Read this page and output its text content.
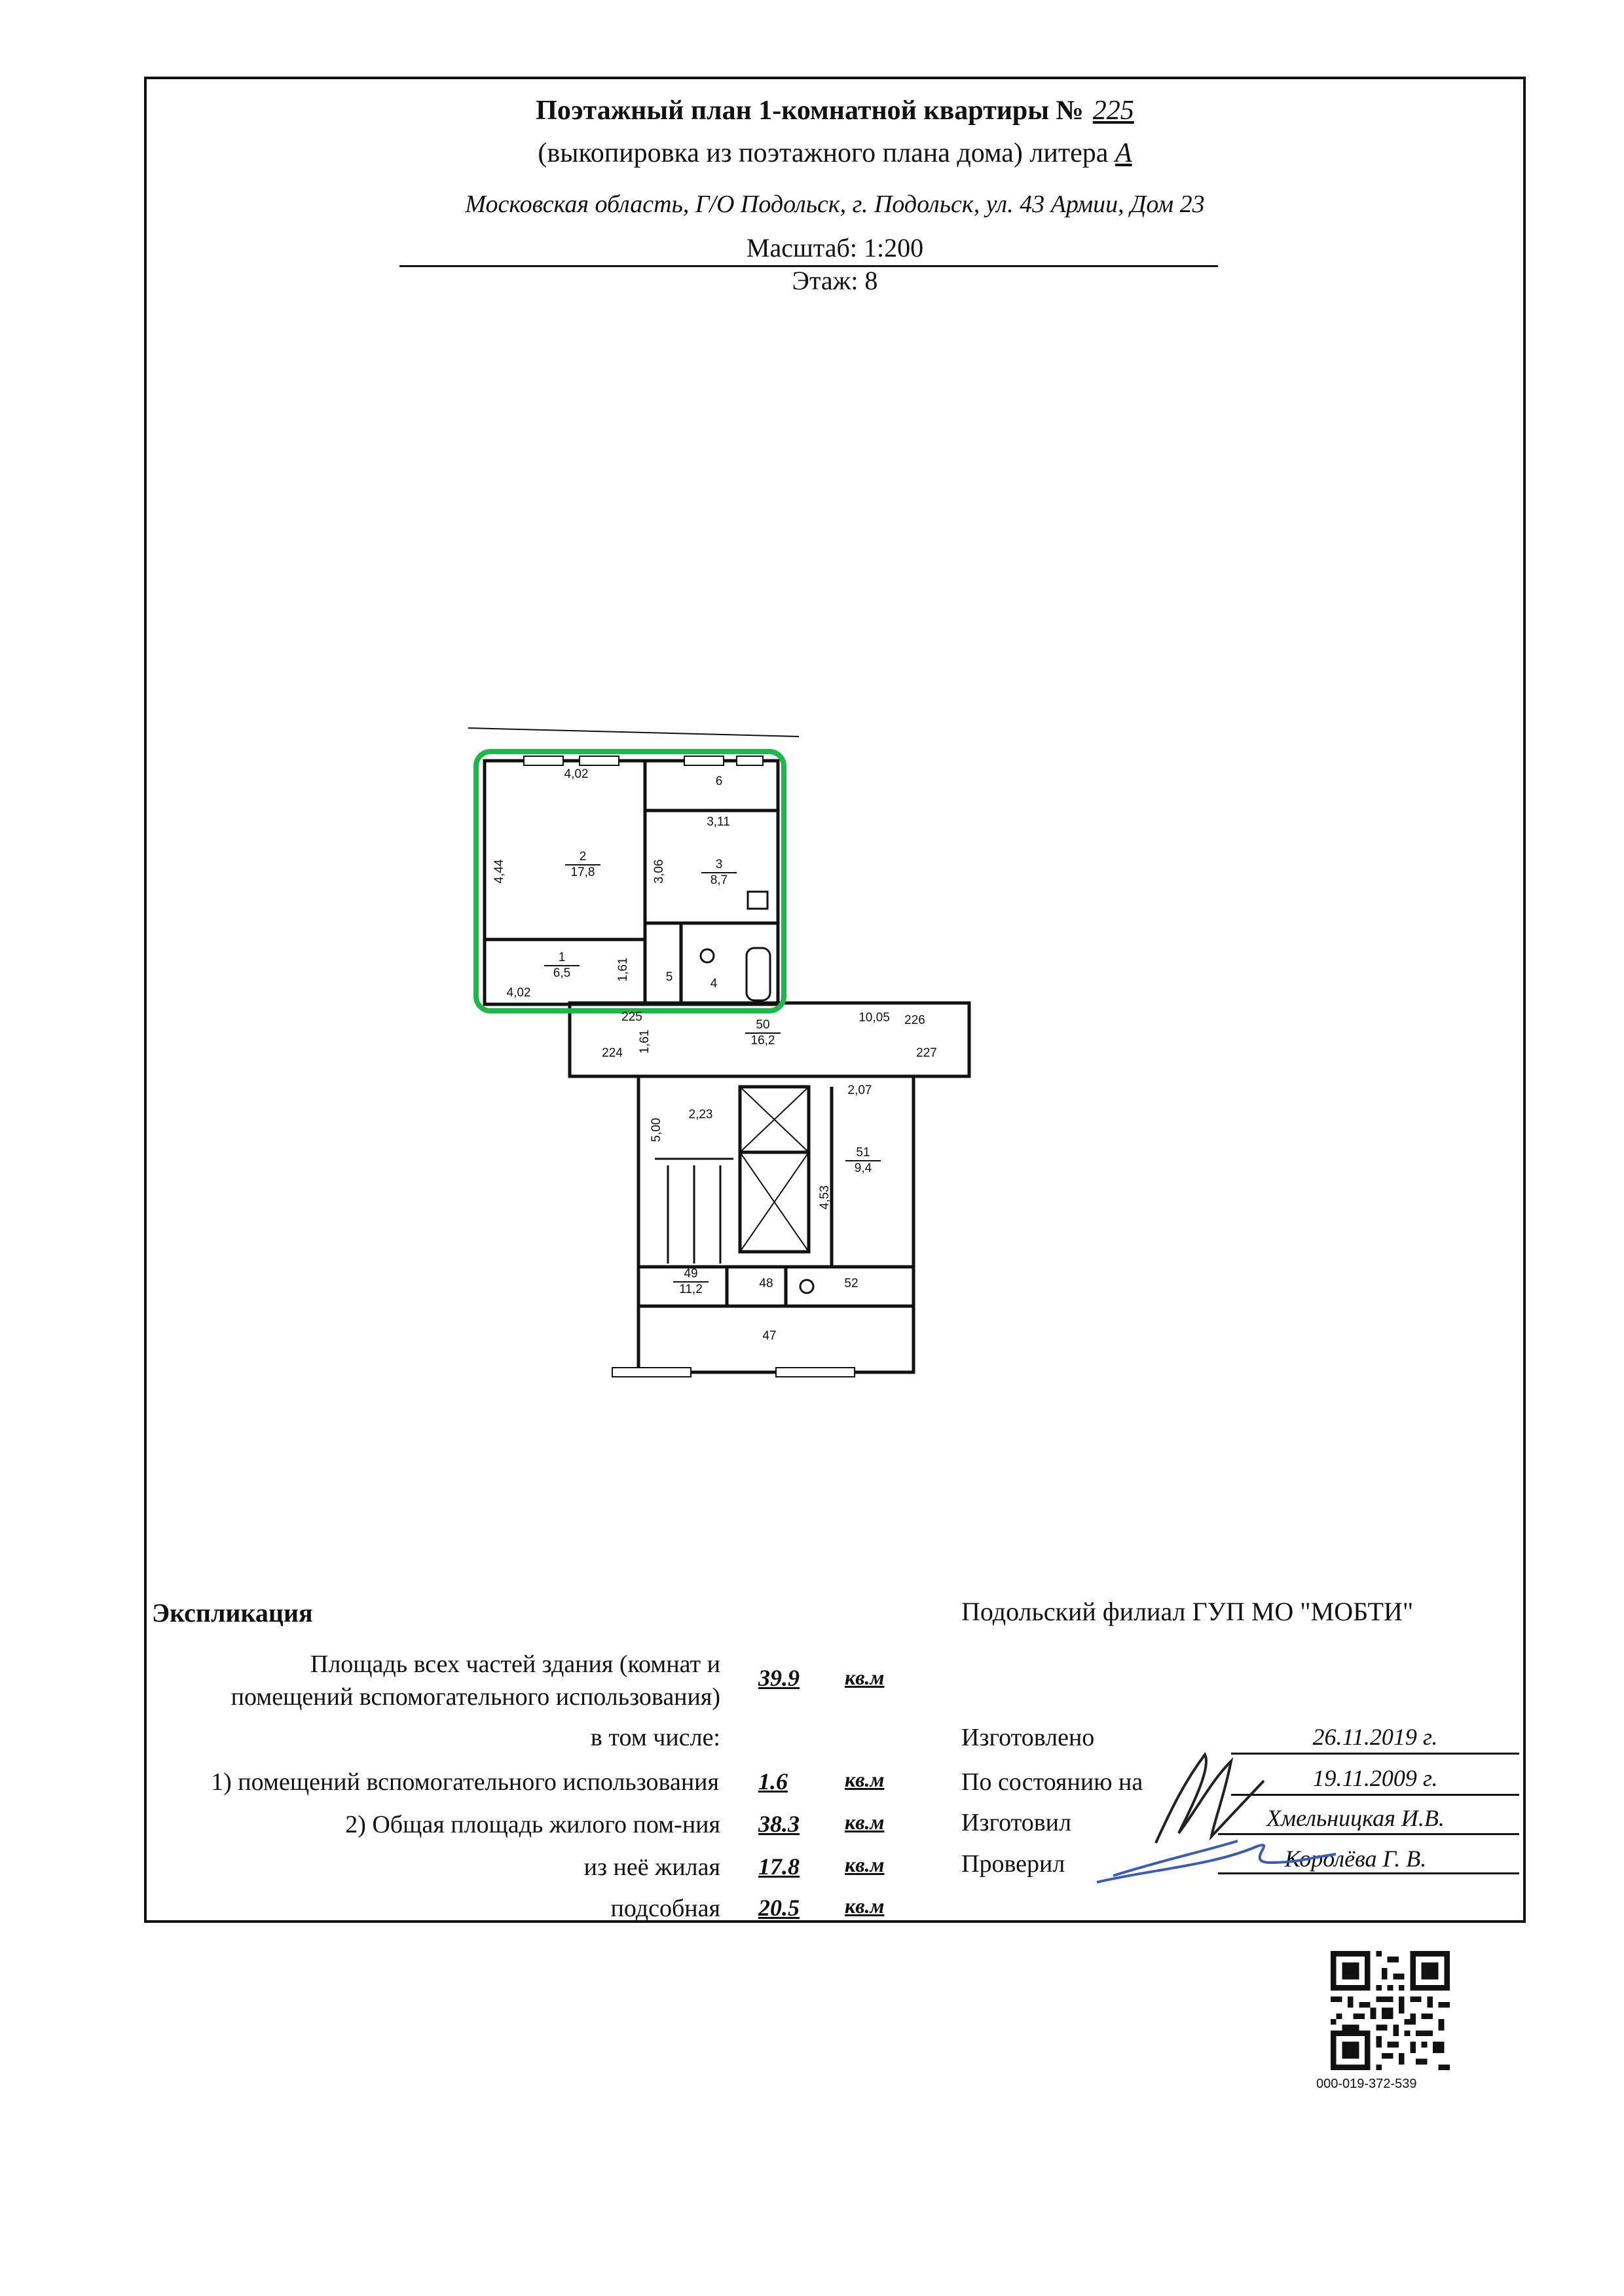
Поэтажный план 1-комнатной квартиры № 225
(выкопировка из поэтажного плана дома) литера А
Московская область, Г/О Подольск, г. Подольск, ул. 43 Армии, Дом 23
Масштаб: 1:200
Этаж: 8
2
17,8
3
8,7
1
6,5
6
5	4
50
16,2
51
9,4
49
11,2	48	52
47
224
225	226
227
4,02
4,44
3,11
3,06
1,61
4,02
1,61
10,05
2,07
5,00
2,23
4,53
Экспликация
Площадь всех частей здания (комнат и
помещений вспомогательного использования)
39.9 кв.м
в том числе:
1) помещений вспомогательного использования 1.6	кв.м
2) Общая площадь жилого пом-ния 38.3 кв.м
из неё жилая 17.8 кв.м
подсобная 20.5 кв.м
Подольский филиал ГУП МО "МОБТИ"
Изготовлено	26.11.2019 г.
По состоянию на	19.11.2009 г.
Изготовил	Хмельницкая И.В.
Проверил	Королёва Г. В.
000-019-372-539
